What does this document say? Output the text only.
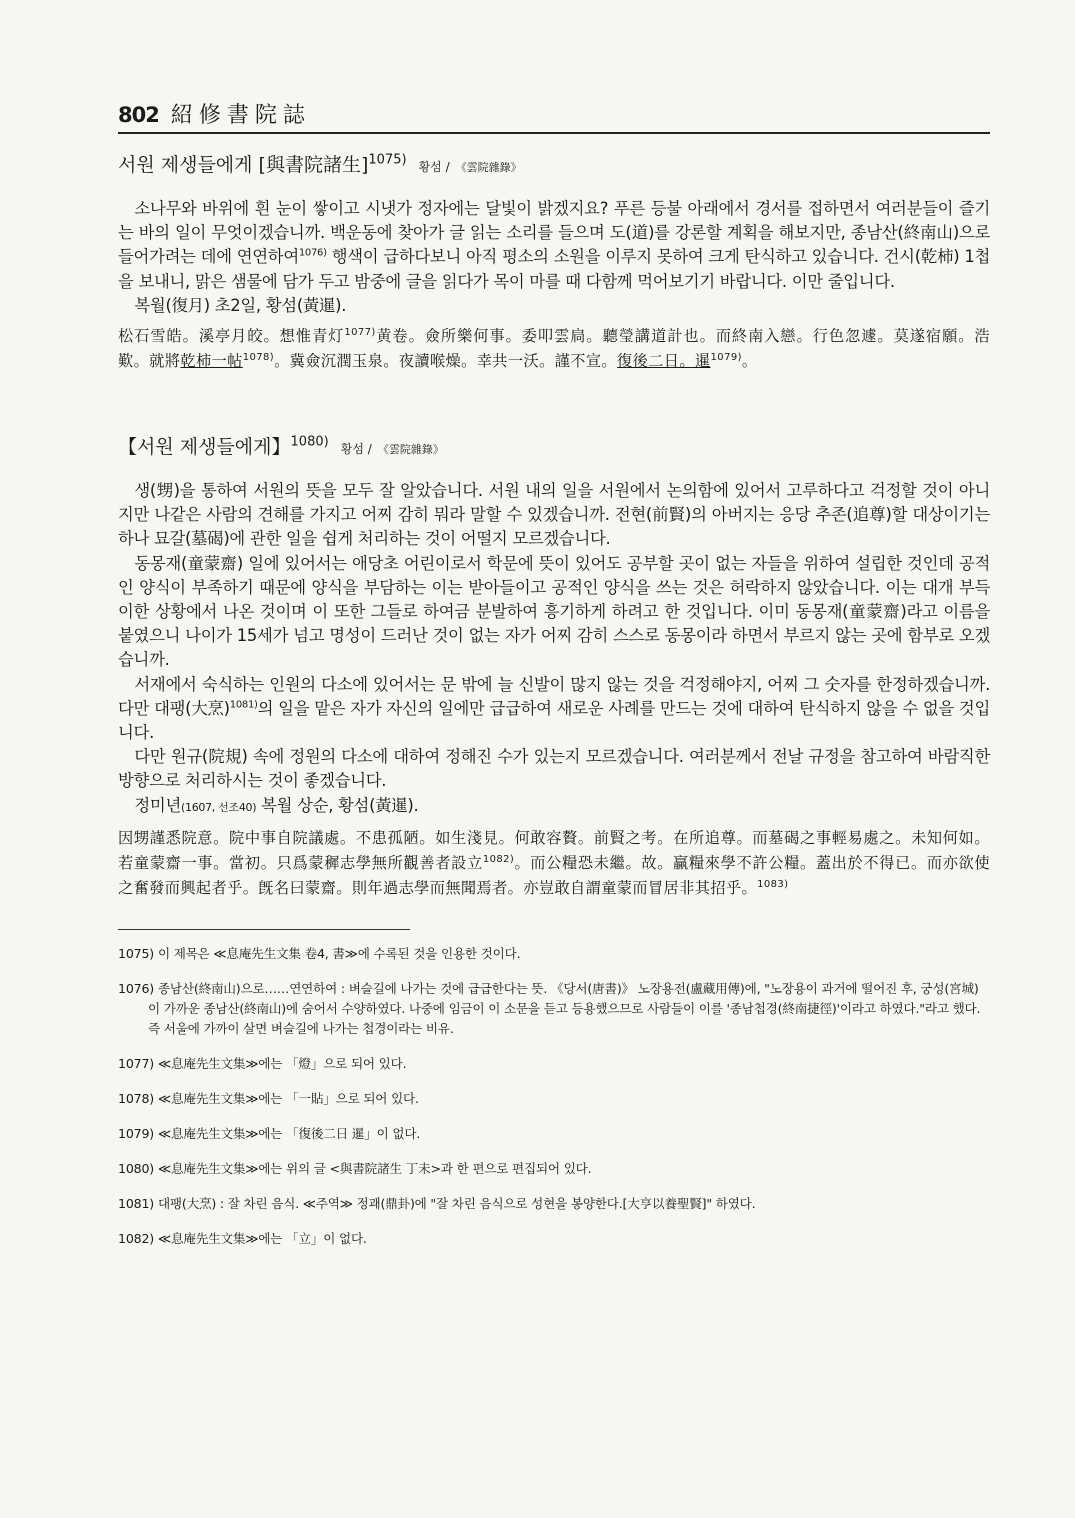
802 紹修書院誌
서원 제생들에게 [與書院諸生]$^{1075)}$ 황섬 / 《雲院雜錄》

소나무와 바위에 흰 눈이 쌓이고 시냇가 정자에는 달빛이 밝겠지요? 푸른 등불 아래에서 경서를 접하면서 여러분들이 즐기는 바의 일이 무엇이겠습니까. 백운동에 찾아가 글 읽는 소리를 들으며 도(道)를 강론할 계획을 해보지만, 종남산(終南山)으로 들어가려는 데에 연연하여$^{1076)}$ 행색이 급하다보니 아직 평소의 소원을 이루지 못하여 크게 탄식하고 있습니다. 건시(乾柿) 1첩을 보내니, 맑은 샘물에 담가 두고 밤중에 글을 읽다가 목이 마를 때 다함께 먹어보기기 바랍니다. 이만 줄입니다.

복월(復月) 초2일, 황섬(黃暹).

松石雪皓。溪亭月皎。想惟青灯$^{1077)}$黄卷。僉所樂何事。委叩雲扃。聽瑩講道計也。而終南入戀。行色忽遽。莫遂宿願。浩歎。就將乾柿一帖$^{1078)}$。冀僉沉潤玉泉。夜讀喉燥。幸共一沃。謹不宣。復後二日。暹$^{1079)}$。

【서원 제생들에게】$^{1080)}$ 황섬 / 《雲院雜錄》

생(甥)을 통하여 서원의 뜻을 모두 잘 알았습니다. 서원 내의 일을 서원에서 논의함에 있어서 고루하다고 걱정할 것이 아니지만 나같은 사람의 견해를 가지고 어찌 감히 뭐라 말할 수 있겠습니까. 전현(前賢)의 아버지는 응당 추존(追尊)할 대상이기는 하나 묘갈(墓碣)에 관한 일을 쉽게 처리하는 것이 어떨지 모르겠습니다.

동몽재(童蒙齋) 일에 있어서는 애당초 어린이로서 학문에 뜻이 있어도 공부할 곳이 없는 자들을 위하여 설립한 것인데 공적인 양식이 부족하기 때문에 양식을 부담하는 이는 받아들이고 공적인 양식을 쓰는 것은 허락하지 않았습니다. 이는 대개 부득이한 상황에서 나온 것이며 이 또한 그들로 하여금 분발하여 흥기하게 하려고 한 것입니다. 이미 동몽재(童蒙齋)라고 이름을 붙였으니 나이가 15세가 넘고 명성이 드러난 것이 없는 자가 어찌 감히 스스로 동몽이라 하면서 부르지 않는 곳에 함부로 오겠습니까.

서재에서 숙식하는 인원의 다소에 있어서는 문 밖에 늘 신발이 많지 않는 것을 걱정해야지, 어찌 그 숫자를 한정하겠습니까. 다만 대팽(大烹)$^{1081)}$의 일을 맡은 자가 자신의 일에만 급급하여 새로운 사례를 만드는 것에 대하여 탄식하지 않을 수 없을 것입니다.

다만 원규(院規) 속에 정원의 다소에 대하여 정해진 수가 있는지 모르겠습니다. 여러분께서 전날 규정을 참고하여 바람직한 방향으로 처리하시는 것이 좋겠습니다.

정미년(1607, 선조40) 복월 상순, 황섬(黃暹).

因甥謹悉院意。院中事自院議處。不患孤陋。如生淺見。何敢容贅。前賢之考。在所追尊。而墓碣之事輕易處之。未知何如。若童蒙齋一事。當初。只爲蒙穉志學無所觀善者設立$^{1082)}$。而公糧恐未繼。故。贏糧來學不許公糧。蓋出於不得已。而亦欲使之奮發而興起者乎。旣名曰蒙齋。則年過志學而無聞焉者。亦豈敢自謂童蒙而冒居非其招乎。$^{1083)}$

1075) 이 제목은 ≪息庵先生文集 卷4, 書≫에 수록된 것을 인용한 것이다.

1076) 종남산(終南山)으로……연연하여 : 벼슬길에 나가는 것에 급급한다는 뜻. 《당서(唐書)》 노장용전(盧藏用傳)에, "노장용이 과거에 떨어진 후, 궁성(宮城)이 가까운 종남산(終南山)에 숨어서 수양하였다. 나중에 임금이 이 소문을 듣고 등용했으므로 사람들이 이를 '종남첩경(終南捷徑)'이라고 하였다."라고 했다. 즉 서울에 가까이 살면 벼슬길에 나가는 첩경이라는 비유.

1077) ≪息庵先生文集≫에는 「燈」으로 되어 있다.

1078) ≪息庵先生文集≫에는 「一貼」으로 되어 있다.

1079) ≪息庵先生文集≫에는 「復後二日 暹」이 없다.

1080) ≪息庵先生文集≫에는 위의 글 <與書院諸生 丁未>과 한 편으로 편집되어 있다.

1081) 대팽(大烹) : 잘 차린 음식. ≪주역≫ 정괘(鼎卦)에 "잘 차린 음식으로 성현을 봉양한다.[大亨以養聖賢]" 하였다.

1082) ≪息庵先生文集≫에는 「立」이 없다.
